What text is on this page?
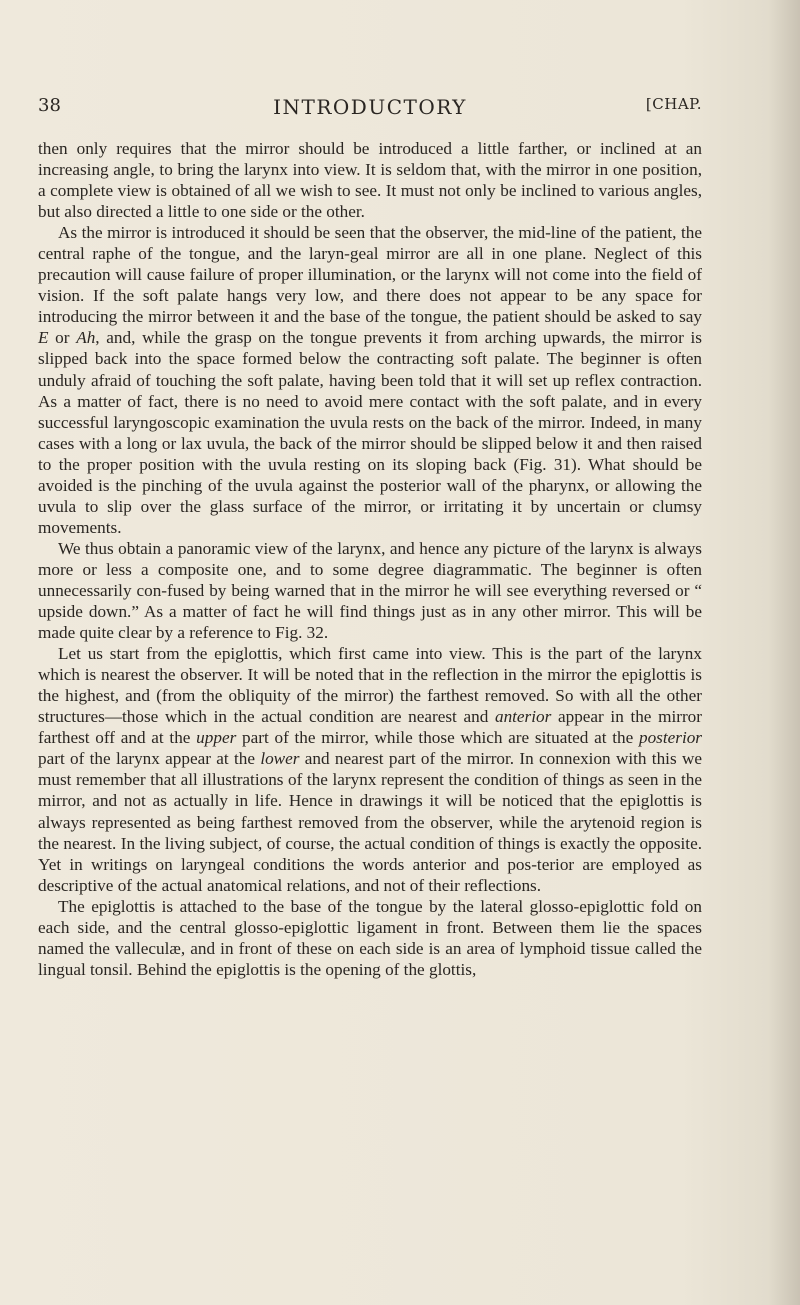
38	INTRODUCTORY	[CHAP.

then only requires that the mirror should be introduced a little farther, or inclined at an increasing angle, to bring the larynx into view. It is seldom that, with the mirror in one position, a complete view is obtained of all we wish to see. It must not only be inclined to various angles, but also directed a little to one side or the other.

As the mirror is introduced it should be seen that the observer, the mid-line of the patient, the central raphe of the tongue, and the laryn-geal mirror are all in one plane. Neglect of this precaution will cause failure of proper illumination, or the larynx will not come into the field of vision. If the soft palate hangs very low, and there does not appear to be any space for introducing the mirror between it and the base of the tongue, the patient should be asked to say E or Ah, and, while the grasp on the tongue prevents it from arching upwards, the mirror is slipped back into the space formed below the contracting soft palate. The beginner is often unduly afraid of touching the soft palate, having been told that it will set up reflex contraction. As a matter of fact, there is no need to avoid mere contact with the soft palate, and in every successful laryngoscopic examination the uvula rests on the back of the mirror. Indeed, in many cases with a long or lax uvula, the back of the mirror should be slipped below it and then raised to the proper position with the uvula resting on its sloping back (Fig. 31). What should be avoided is the pinching of the uvula against the posterior wall of the pharynx, or allowing the uvula to slip over the glass surface of the mirror, or irritating it by uncertain or clumsy movements.

We thus obtain a panoramic view of the larynx, and hence any picture of the larynx is always more or less a composite one, and to some degree diagrammatic. The beginner is often unnecessarily con-fused by being warned that in the mirror he will see everything reversed or “ upside down.” As a matter of fact he will find things just as in any other mirror. This will be made quite clear by a reference to Fig. 32.

Let us start from the epiglottis, which first came into view. This is the part of the larynx which is nearest the observer. It will be noted that in the reflection in the mirror the epiglottis is the highest, and (from the obliquity of the mirror) the farthest removed. So with all the other structures—those which in the actual condition are nearest and anterior appear in the mirror farthest off and at the upper part of the mirror, while those which are situated at the posterior part of the larynx appear at the lower and nearest part of the mirror. In connexion with this we must remember that all illustrations of the larynx represent the condition of things as seen in the mirror, and not as actually in life. Hence in drawings it will be noticed that the epiglottis is always represented as being farthest removed from the observer, while the arytenoid region is the nearest. In the living subject, of course, the actual condition of things is exactly the opposite. Yet in writings on laryngeal conditions the words anterior and pos-terior are employed as descriptive of the actual anatomical relations, and not of their reflections.

The epiglottis is attached to the base of the tongue by the lateral glosso-epiglottic fold on each side, and the central glosso-epiglottic ligament in front. Between them lie the spaces named the valleculæ, and in front of these on each side is an area of lymphoid tissue called the lingual tonsil. Behind the epiglottis is the opening of the glottis,
